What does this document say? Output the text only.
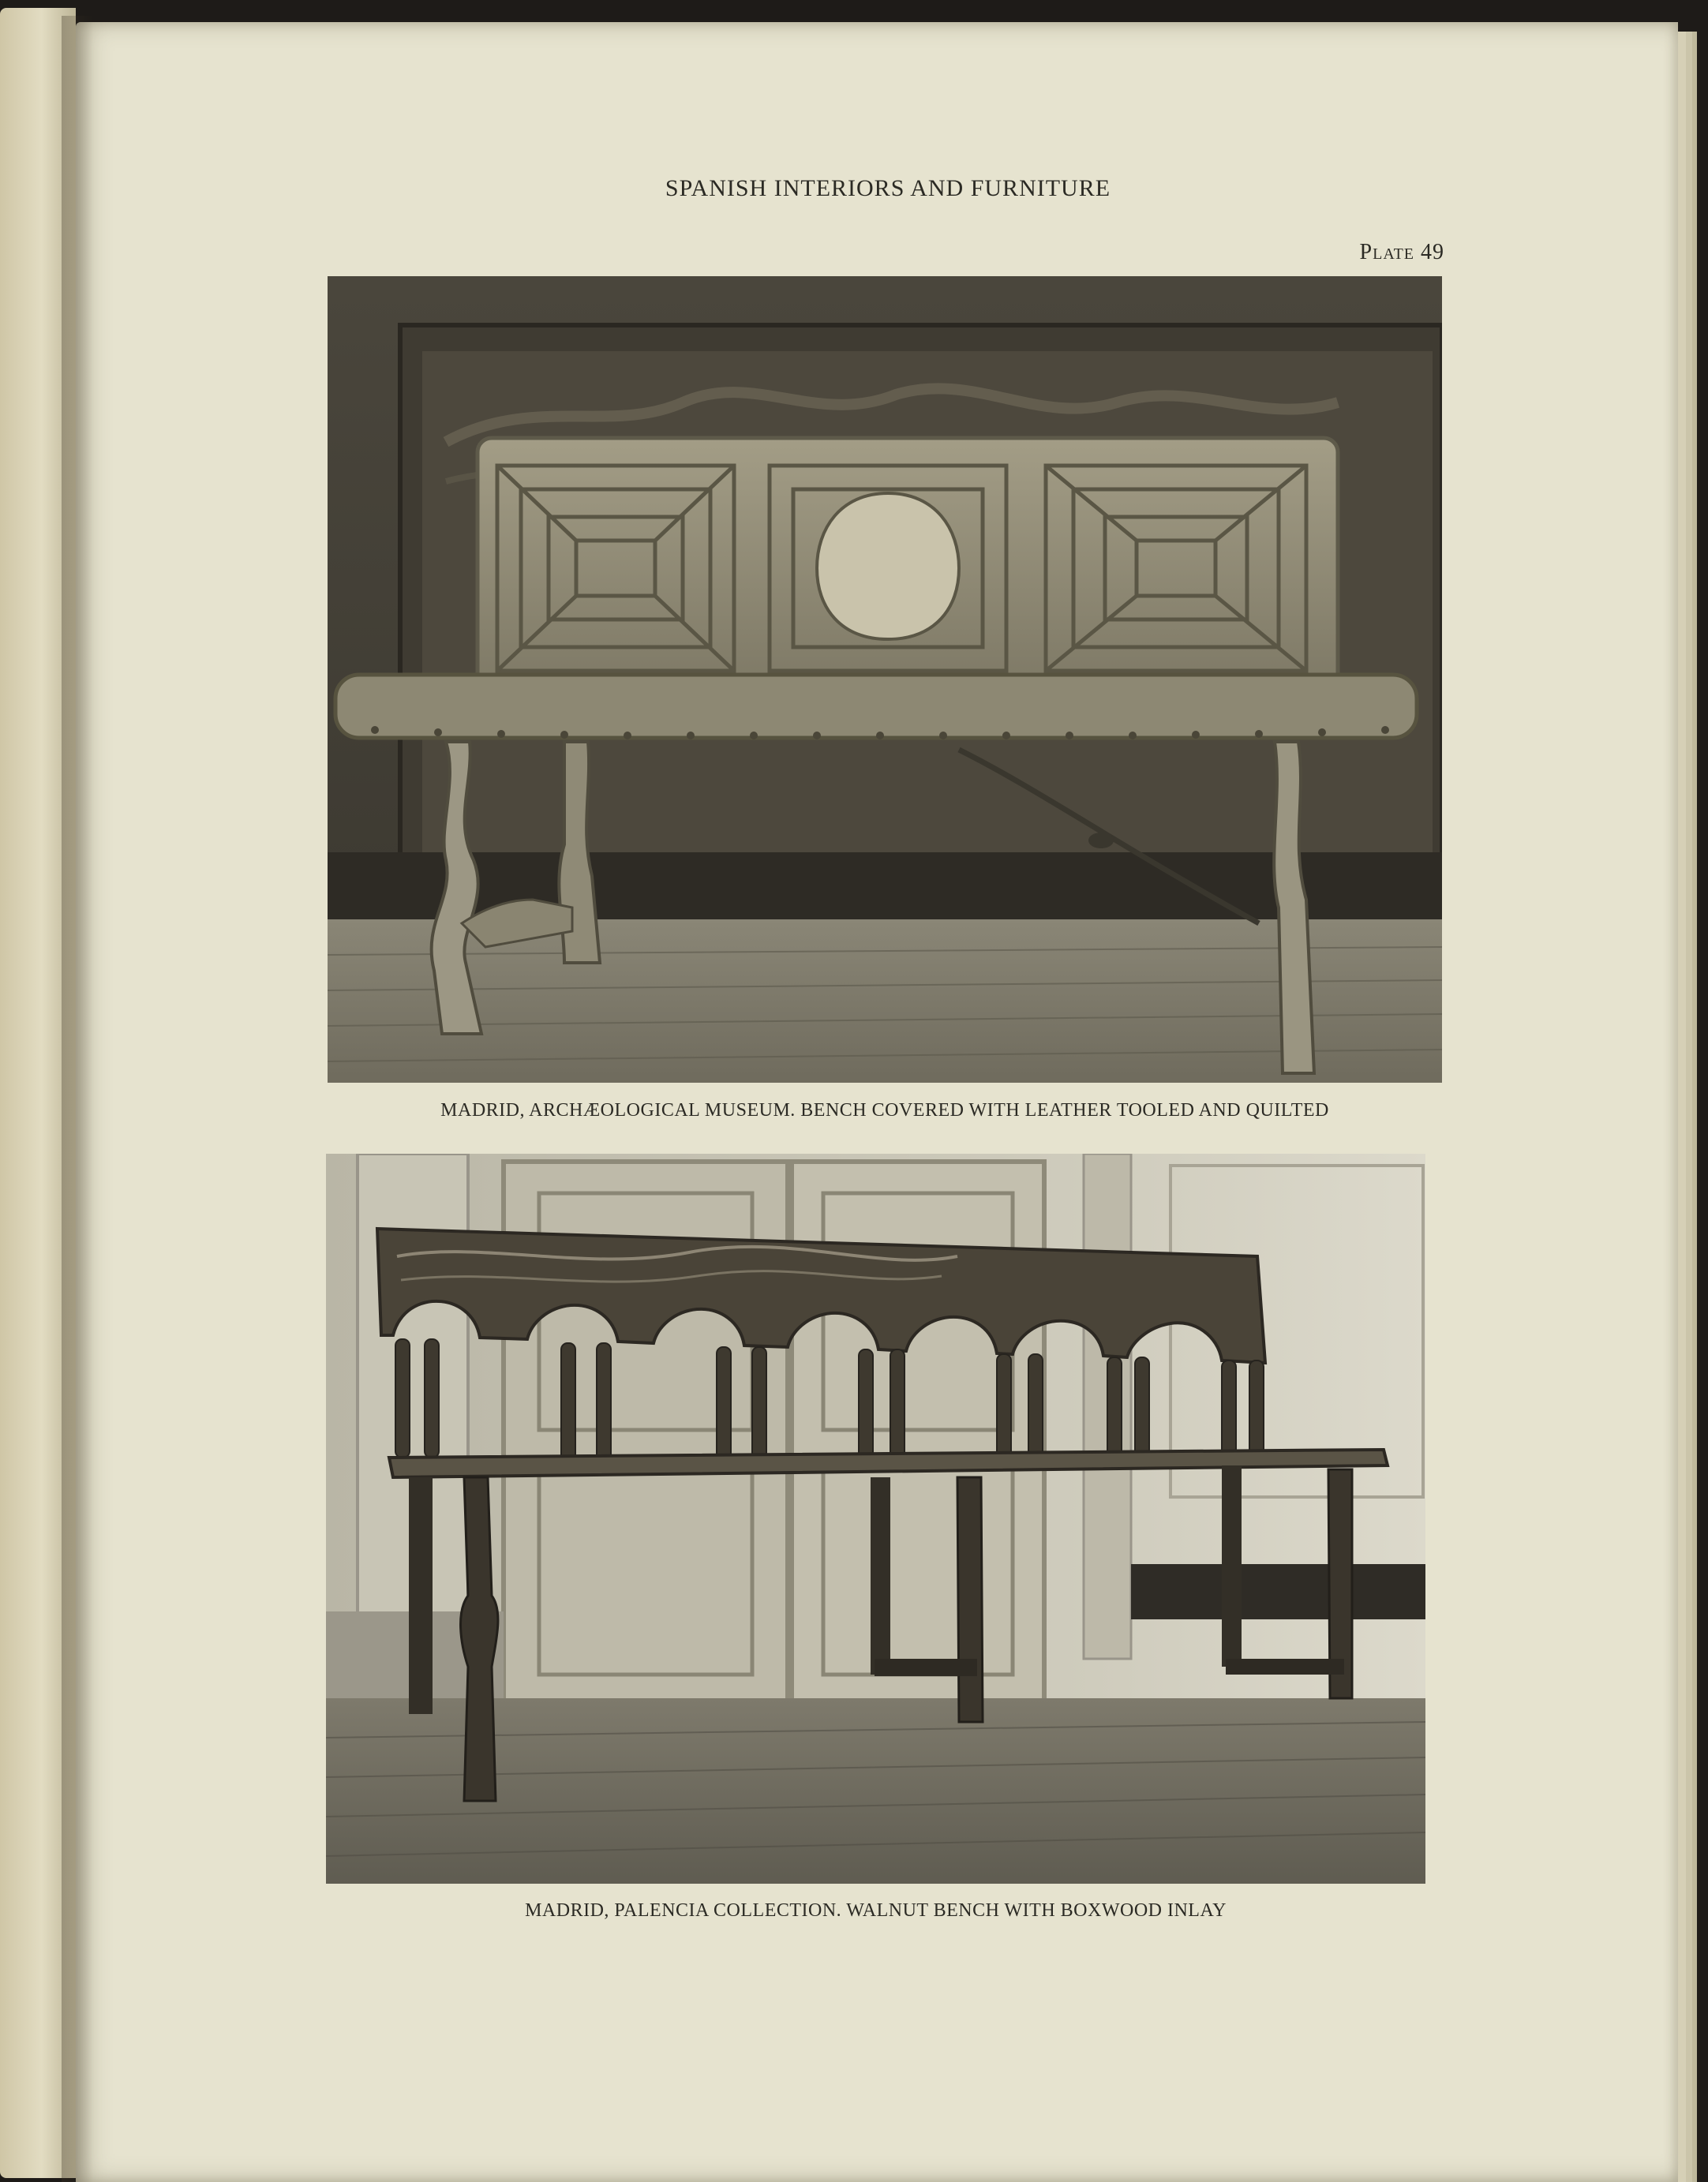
SPANISH INTERIORS AND FURNITURE
Plate 49
MADRID, ARCHÆOLOGICAL MUSEUM. BENCH COVERED WITH LEATHER TOOLED AND QUILTED
MADRID, PALENCIA COLLECTION. WALNUT BENCH WITH BOXWOOD INLAY
